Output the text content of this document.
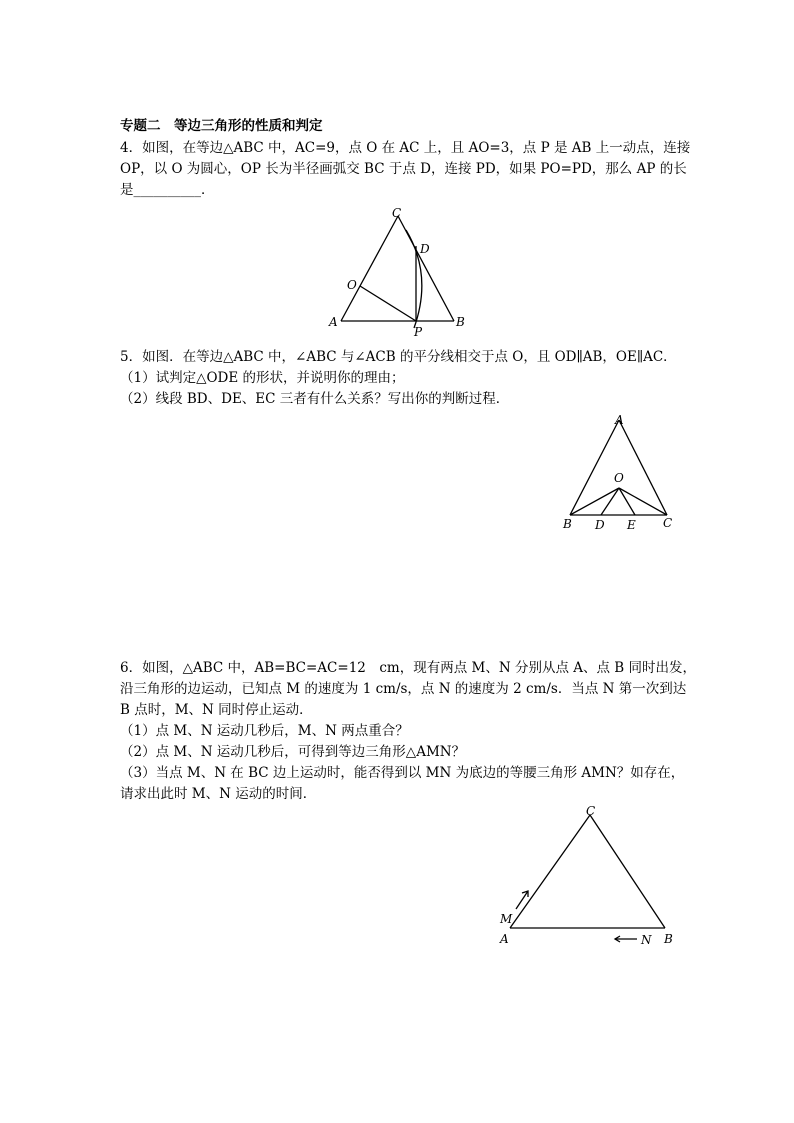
专题二　等边三角形的性质和判定
4．如图，在等边△ABC 中，AC=9，点 O 在 AC 上，且 AO=3，点 P 是 AB 上一动点，连接
OP，以 O 为圆心，OP 长为半径画弧交 BC 于点 D，连接 PD，如果 PO=PD，那么 AP 的长
是__________．
C
D
O
A
P
B
5．如图．在等边△ABC 中，∠ABC 与∠ACB 的平分线相交于点 O，且 OD∥AB，OE∥AC．
（1）试判定△ODE 的形状，并说明你的理由；
（2）线段 BD、DE、EC 三者有什么关系？写出你的判断过程．
A
O
B D E C
6．如图，△ABC 中，AB=BC=AC=12　cm，现有两点 M、N 分别从点 A、点 B 同时出发，
沿三角形的边运动，已知点 M 的速度为 1 cm/s，点 N 的速度为 2 cm/s．当点 N 第一次到达
B 点时，M、N 同时停止运动．
（1）点 M、N 运动几秒后，M、N 两点重合？
（2）点 M、N 运动几秒后，可得到等边三角形△AMN？
（3）当点 M、N 在 BC 边上运动时，能否得到以 MN 为底边的等腰三角形 AMN？如存在，
请求出此时 M、N 运动的时间．
C
M
A	N B
